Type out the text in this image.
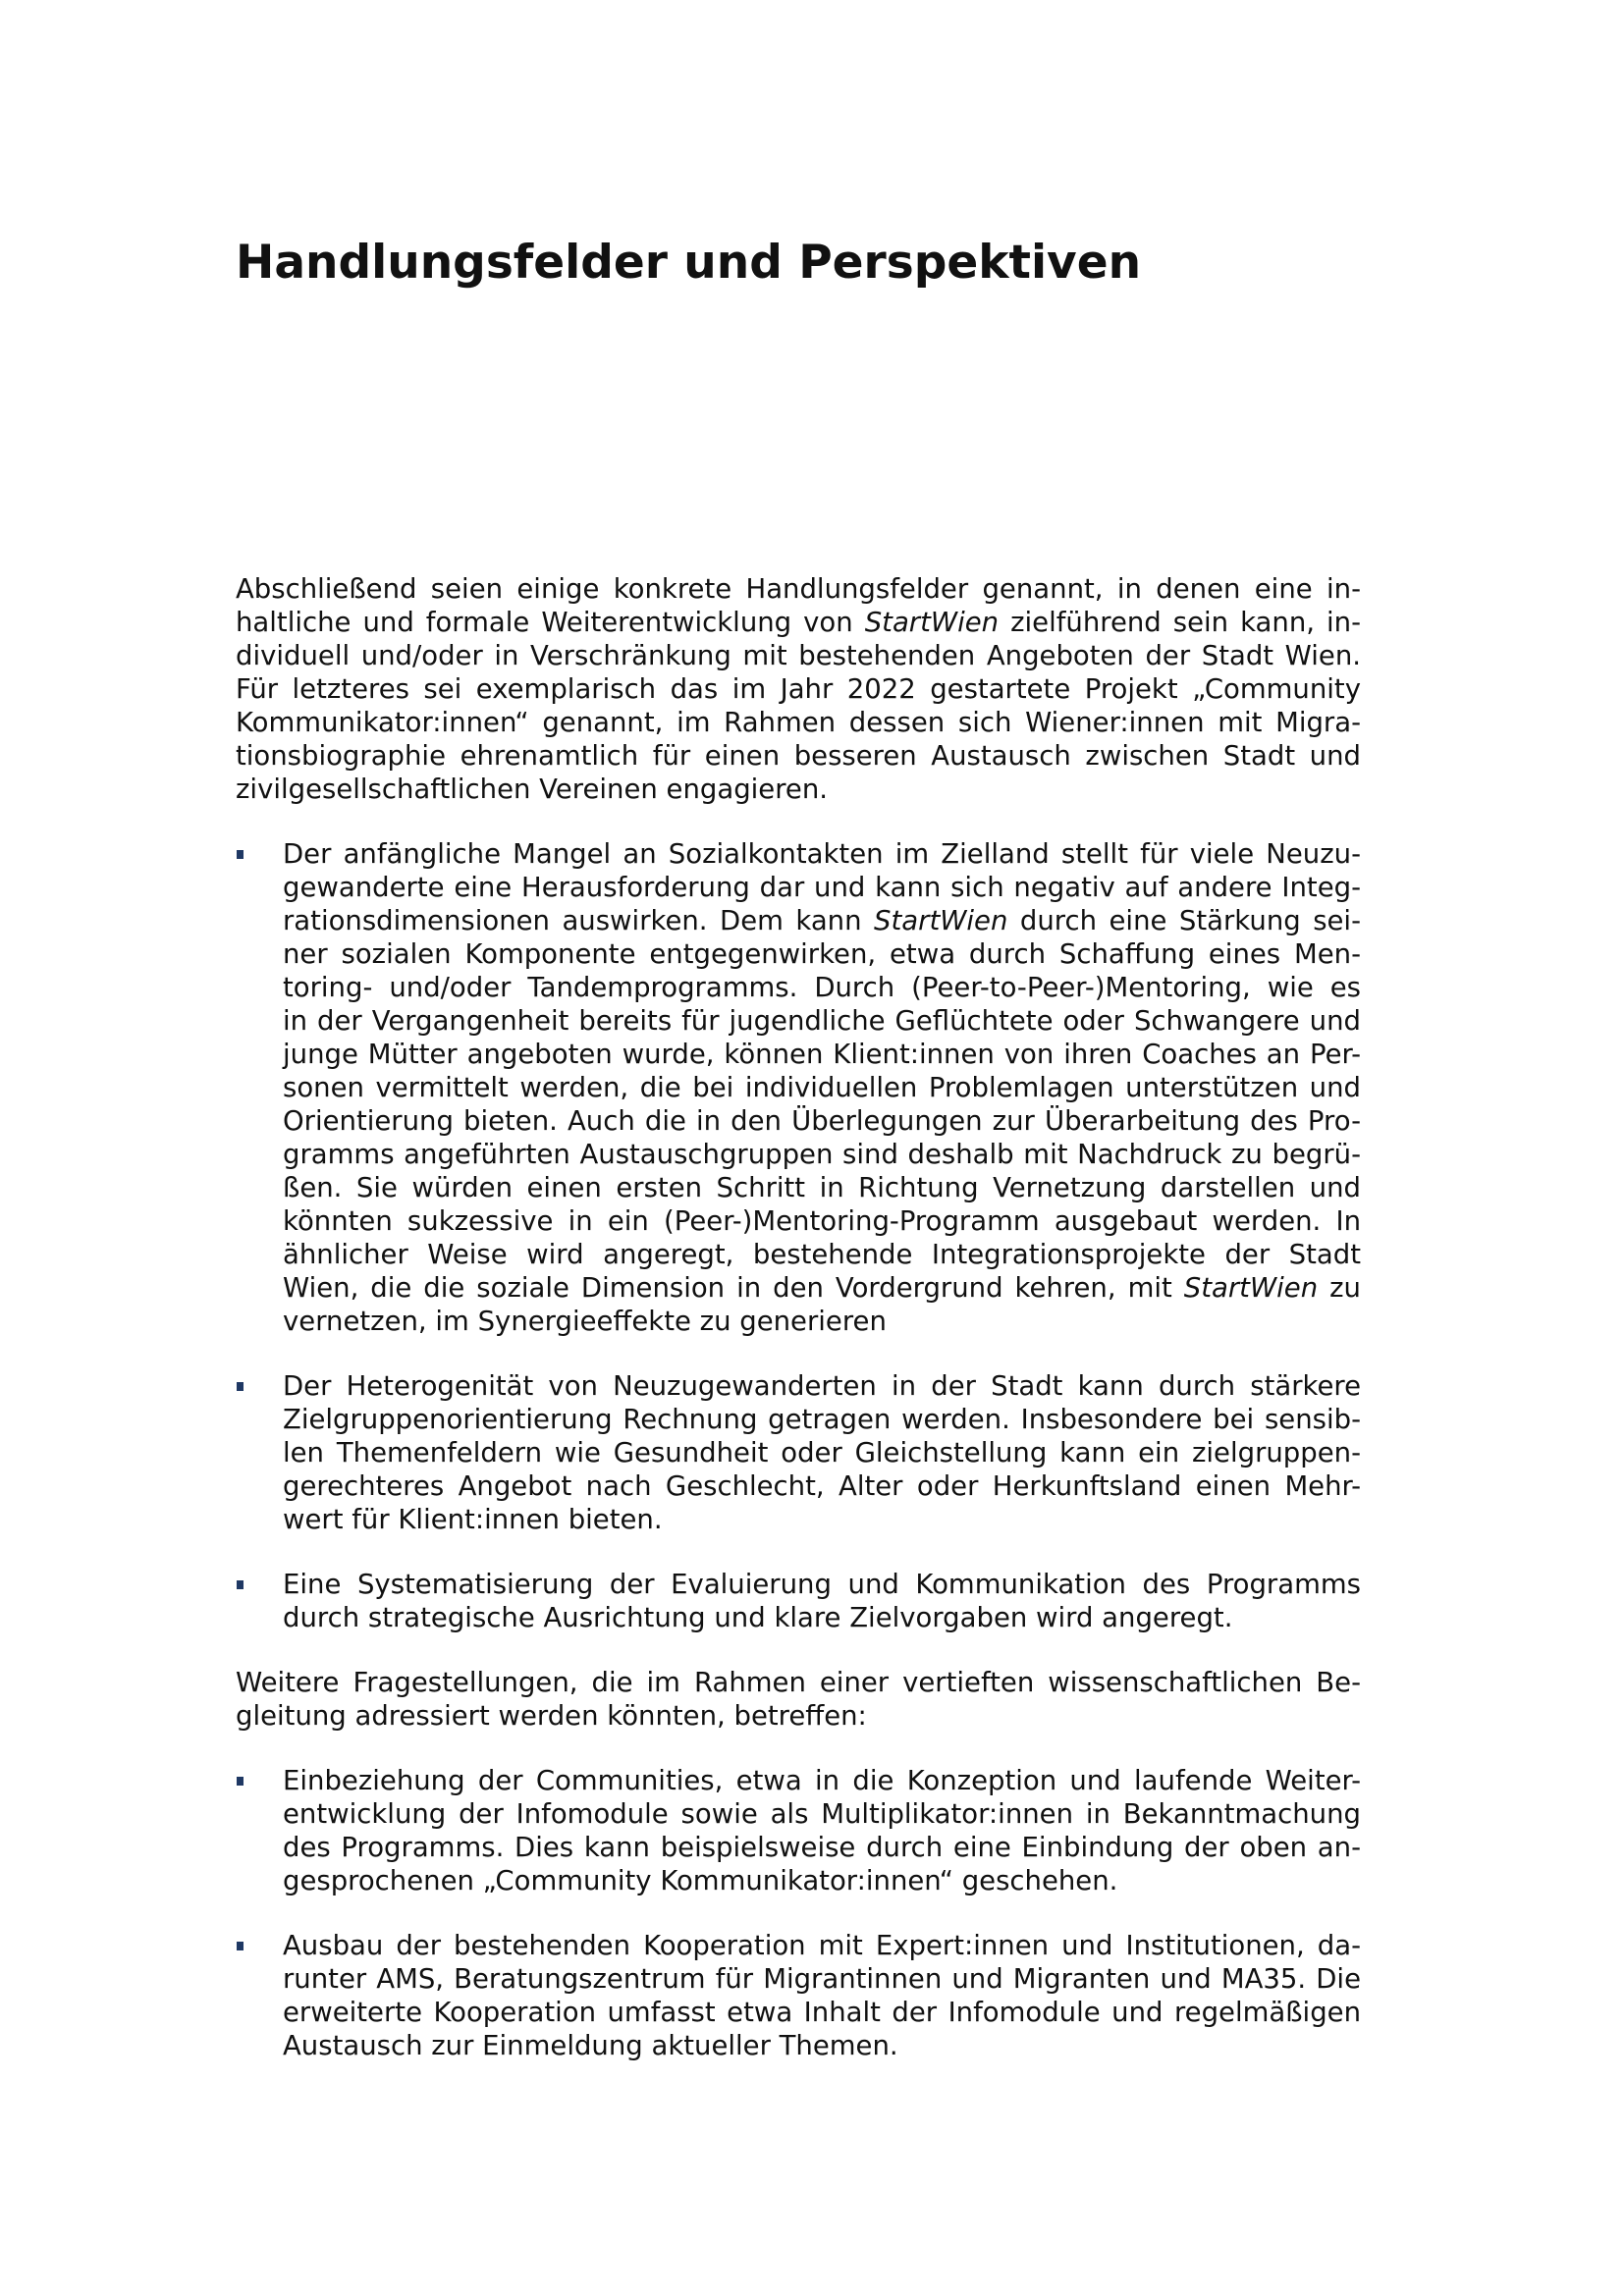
Handlungsfelder und Perspektiven
Abschließend seien einige konkrete Handlungsfelder genannt, in denen eine in-
haltliche und formale Weiterentwicklung von StartWien zielführend sein kann, in-
dividuell und/oder in Verschränkung mit bestehenden Angeboten der Stadt Wien.
Für letzteres sei exemplarisch das im Jahr 2022 gestartete Projekt „Community
Kommunikator:innen“ genannt, im Rahmen dessen sich Wiener:innen mit Migra-
tionsbiographie ehrenamtlich für einen besseren Austausch zwischen Stadt und
zivilgesellschaftlichen Vereinen engagieren.
Der anfängliche Mangel an Sozialkontakten im Zielland stellt für viele Neuzu-
gewanderte eine Herausforderung dar und kann sich negativ auf andere Integ-
rationsdimensionen auswirken. Dem kann StartWien durch eine Stärkung sei-
ner sozialen Komponente entgegenwirken, etwa durch Schaffung eines Men-
toring- und/oder Tandemprogramms. Durch (Peer-to-Peer-)Mentoring, wie es
in der Vergangenheit bereits für jugendliche Geflüchtete oder Schwangere und
junge Mütter angeboten wurde, können Klient:innen von ihren Coaches an Per-
sonen vermittelt werden, die bei individuellen Problemlagen unterstützen und
Orientierung bieten. Auch die in den Überlegungen zur Überarbeitung des Pro-
gramms angeführten Austauschgruppen sind deshalb mit Nachdruck zu begrü-
ßen. Sie würden einen ersten Schritt in Richtung Vernetzung darstellen und
könnten sukzessive in ein (Peer-)Mentoring-Programm ausgebaut werden. In
ähnlicher Weise wird angeregt, bestehende Integrationsprojekte der Stadt
Wien, die die soziale Dimension in den Vordergrund kehren, mit StartWien zu
vernetzen, im Synergieeffekte zu generieren
Der Heterogenität von Neuzugewanderten in der Stadt kann durch stärkere
Zielgruppenorientierung Rechnung getragen werden. Insbesondere bei sensib-
len Themenfeldern wie Gesundheit oder Gleichstellung kann ein zielgruppen-
gerechteres Angebot nach Geschlecht, Alter oder Herkunftsland einen Mehr-
wert für Klient:innen bieten.
Eine Systematisierung der Evaluierung und Kommunikation des Programms
durch strategische Ausrichtung und klare Zielvorgaben wird angeregt.
Weitere Fragestellungen, die im Rahmen einer vertieften wissenschaftlichen Be-
gleitung adressiert werden könnten, betreffen:
Einbeziehung der Communities, etwa in die Konzeption und laufende Weiter-
entwicklung der Infomodule sowie als Multiplikator:innen in Bekanntmachung
des Programms. Dies kann beispielsweise durch eine Einbindung der oben an-
gesprochenen „Community Kommunikator:innen“ geschehen.
Ausbau der bestehenden Kooperation mit Expert:innen und Institutionen, da-
runter AMS, Beratungszentrum für Migrantinnen und Migranten und MA35. Die
erweiterte Kooperation umfasst etwa Inhalt der Infomodule und regelmäßigen
Austausch zur Einmeldung aktueller Themen.
